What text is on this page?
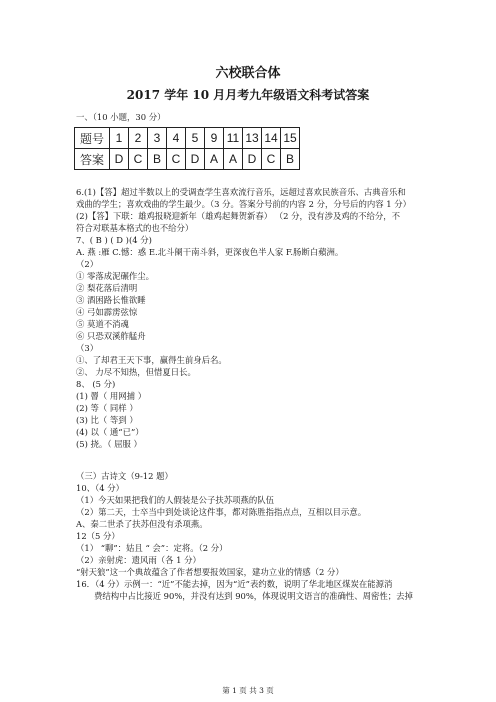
六校联合体
2017 学年 10 月月考九年级语文科考试答案
一、（10 小题，30 分）
题号	1	2	3	4	5	9	11	13	14	15
答案	D	C	B	C	D	A	A	D	C	B
6.(1)【答】超过半数以上的受调查学生喜欢流行音乐，远超过喜欢民族音乐、古典音乐和
戏曲的学生；喜欢戏曲的学生最少。（3 分。答案分号前的内容 2 分，分号后的内容 1 分）
(2)【答】下联：雄鸡报晓迎新年（雄鸡起舞贺新春） （2 分，没有涉及鸡的不给分，不
符合对联基本格式的也不给分）
7、( B ) ( D )(4 分)
A. 燕 :雁 C.憾：惑 E.北斗阑干南斗斜，更深夜色半人家 F.肠断白蘋洲。
（2）
① 零落成泥碾作尘。
② 梨花落后清明
③ 酒困路长惟欲睡
④ 弓如霹雳弦惊
⑤ 莫道不消魂
⑥ 只恐双溪舴艋舟
（3）
①、了却君王天下事，赢得生前身后名。
②、 力尽不知热，但惜夏日长。
8、 (5 分)
(1) 罾（ 用网捕 ）
(2) 等（ 同样 ）
(3) 比（ 等到 ）
(4) 以（ 通“已”）
(5) 挠。（ 屈服 ）
（三）古诗文（9-12 题）
10、（4 分）
（1）今天如果把我们的人假装是公子扶苏项燕的队伍
（2）第二天，士卒当中到处谈论这件事，都对陈胜指指点点，互相以目示意。
A、秦二世杀了扶苏但没有杀项燕。
12（5 分）
（1） “聊”：姑且 “ 会”：定将。（2 分）
（2）亲射虎：遗风雨（各 1 分）
“射天狼”这一个典故蕴含了作者想要报效国家，建功立业的情感（2 分）
16．（4 分）示例一：“近”不能去掉，因为“近”表约数，说明了华北地区煤炭在能源消
费结构中占比接近 90%，并没有达到 90%，体现说明文语言的准确性、周密性；去掉
第 1 页 共 3 页
